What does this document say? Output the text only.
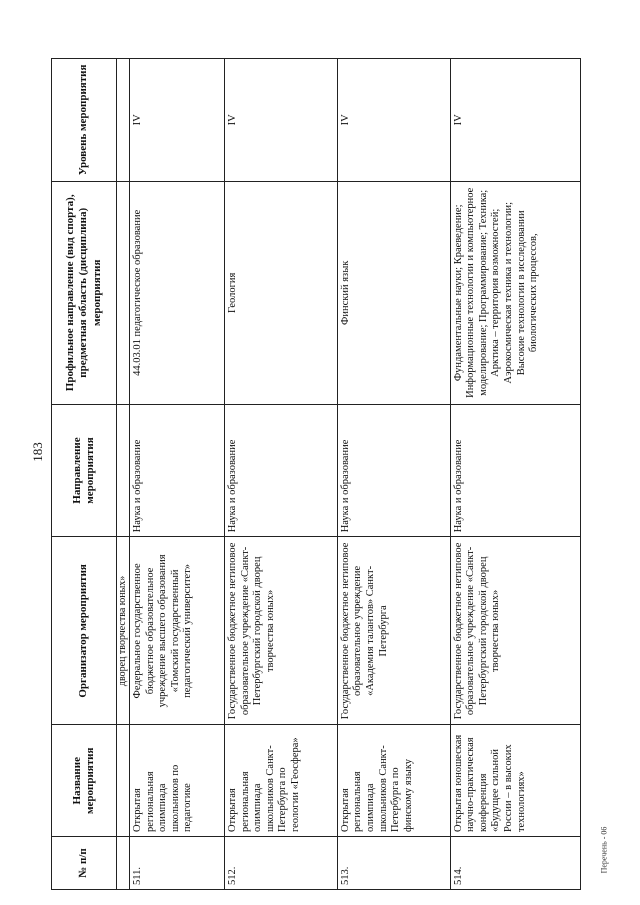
183
№ п/п	Название мероприятия	Организатор мероприятия	Направление мероприятия	Профильное направление (вид спорта), предметная область (дисциплина) мероприятия	Уровень мероприятия
		дворец творчества юных»			
511.	Открытая региональная олимпиада школьников по педагогике	Федеральное государственное бюджетное образовательное учреждение высшего образования «Томский государственный педагогический университет»	Наука и образование	44.03.01 педагогическое образование	IV
512.	Открытая региональная олимпиада школьников Санкт-Петербурга по геологии «Геосфера»	Государственное бюджетное нетиповое образовательное учреждение «Санкт-Петербургский городской дворец творчества юных»	Наука и образование	Геология	IV
513.	Открытая региональная олимпиада школьников Санкт-Петербурга по финскому языку	Государственное бюджетное нетиповое образовательное учреждение «Академия талантов» Санкт-Петербурга	Наука и образование	Финский язык	IV
514.	Открытая юношеская научно-практическая конференция «Будущее сильной России – в высоких технологиях»	Государственное бюджетное нетиповое образовательное учреждение «Санкт-Петербургский городской дворец творчества юных»	Наука и образование	Фундаментальные науки; Краеведение; Информационные технологии и компьютерное моделирование; Программирование; Техника; Арктика – территория возможностей; Аэрокосмическая техника и технологии; Высокие технологии в исследовании биологических процессов,	IV
Перечень - 06
